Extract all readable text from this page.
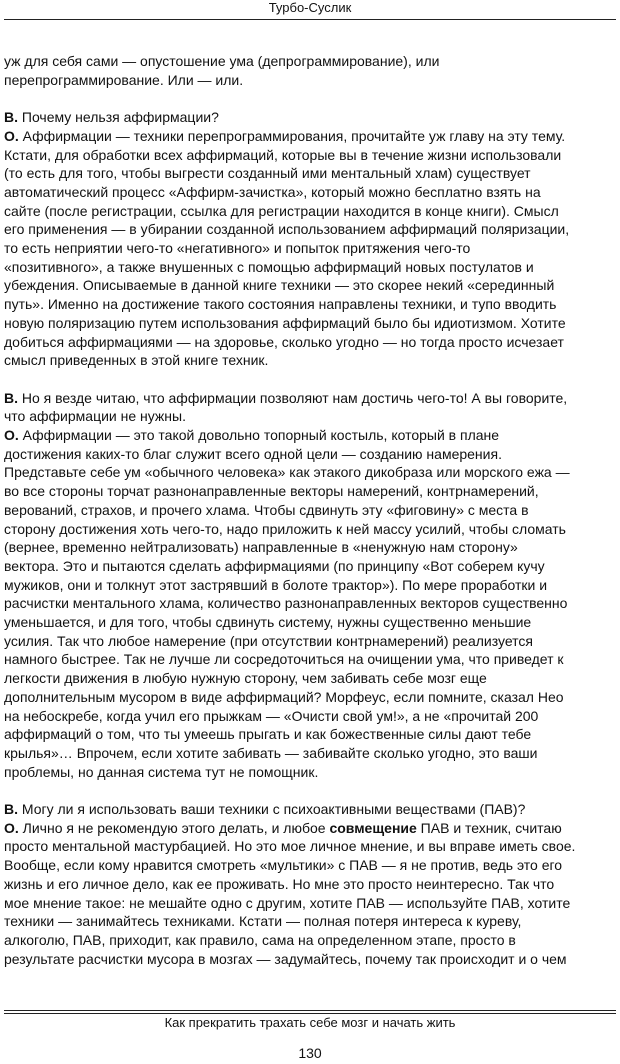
Турбо-Суслик
уж для себя сами — опустошение ума (депрограммирование), или
перепрограммирование. Или — или.
В. Почему нельзя аффирмации?
О. Аффирмации — техники перепрограммирования, прочитайте уж главу на эту тему.
Кстати, для обработки всех аффирмаций, которые вы в течение жизни использовали
(то есть для того, чтобы выгрести созданный ими ментальный хлам) существует
автоматический процесс «Аффирм-зачистка», который можно бесплатно взять на
сайте (после регистрации, ссылка для регистрации находится в конце книги). Смысл
его применения — в убирании созданной использованием аффирмаций поляризации,
то есть неприятии чего-то «негативного» и попыток притяжения чего-то
«позитивного», а также внушенных с помощью аффирмаций новых постулатов и
убеждения. Описываемые в данной книге техники — это скорее некий «серединный
путь». Именно на достижение такого состояния направлены техники, и тупо вводить
новую поляризацию путем использования аффирмаций было бы идиотизмом. Хотите
добиться аффирмациями — на здоровье, сколько угодно — но тогда просто исчезает
смысл приведенных в этой книге техник.
В. Но я везде читаю, что аффирмации позволяют нам достичь чего-то! А вы говорите,
что аффирмации не нужны.
О. Аффирмации — это такой довольно топорный костыль, который в плане
достижения каких-то благ служит всего одной цели — созданию намерения.
Представьте себе ум «обычного человека» как этакого дикобраза или морского ежа —
во все стороны торчат разнонаправленные векторы намерений, контрнамерений,
верований, страхов, и прочего хлама. Чтобы сдвинуть эту «фиговину» с места в
сторону достижения хоть чего-то, надо приложить к ней массу усилий, чтобы сломать
(вернее, временно нейтрализовать) направленные в «ненужную нам сторону»
вектора. Это и пытаются сделать аффирмациями (по принципу «Вот соберем кучу
мужиков, они и толкнут этот застрявший в болоте трактор»). По мере проработки и
расчистки ментального хлама, количество разнонаправленных векторов существенно
уменьшается, и для того, чтобы сдвинуть систему, нужны существенно меньшие
усилия. Так что любое намерение (при отсутствии контрнамерений) реализуется
намного быстрее. Так не лучше ли сосредоточиться на очищении ума, что приведет к
легкости движения в любую нужную сторону, чем забивать себе мозг еще
дополнительным мусором в виде аффирмаций? Морфеус, если помните, сказал Нео
на небоскребе, когда учил его прыжкам — «Очисти свой ум!», а не «прочитай 200
аффирмаций о том, что ты умеешь прыгать и как божественные силы дают тебе
крылья»… Впрочем, если хотите забивать — забивайте сколько угодно, это ваши
проблемы, но данная система тут не помощник.
В. Могу ли я использовать ваши техники с психоактивными веществами (ПАВ)?
О. Лично я не рекомендую этого делать, и любое совмещение ПАВ и техник, считаю
просто ментальной мастурбацией. Но это мое личное мнение, и вы вправе иметь свое.
Вообще, если кому нравится смотреть «мультики» с ПАВ — я не против, ведь это его
жизнь и его личное дело, как ее проживать. Но мне это просто неинтересно. Так что
мое мнение такое: не мешайте одно с другим, хотите ПАВ — используйте ПАВ, хотите
техники — занимайтесь техниками. Кстати — полная потеря интереса к куреву,
алкоголю, ПАВ, приходит, как правило, сама на определенном этапе, просто в
результате расчистки мусора в мозгах — задумайтесь, почему так происходит и о чем
Как прекратить трахать себе мозг и начать жить
130
